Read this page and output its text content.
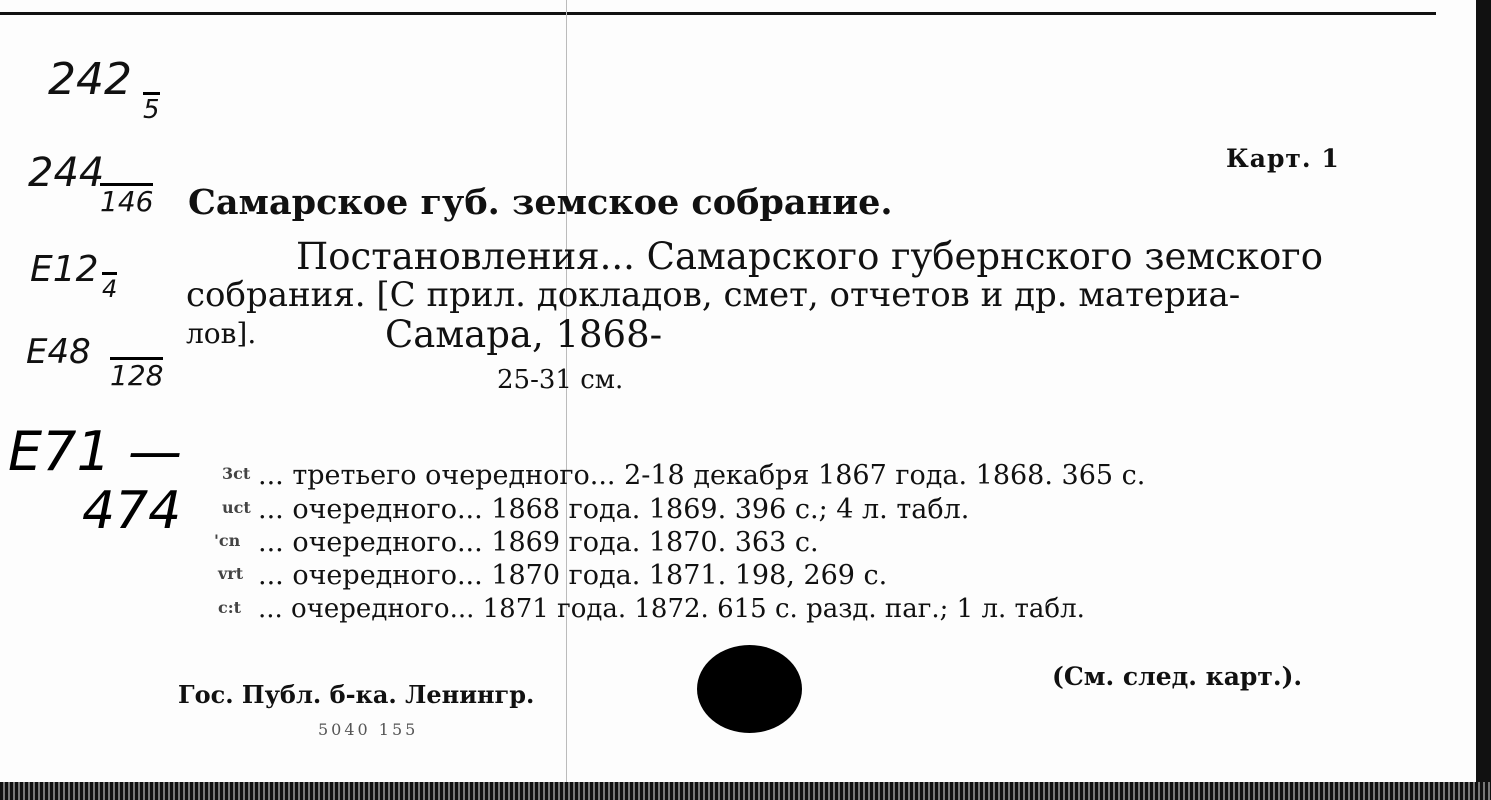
242
5
244
146
E12 4
E48
128
E71 —
474
Карт. 1
Самарское губ. земское собрание.
Постановления... Самарского губернского земского
собрания. [С прил. докладов, смет, отчетов и др. материа-
лов].	Самара, 1868-
25-31 см.
3ct ... третьего очередного... 2-18 декабря 1867 года. 1868. 365 с.
uct ... очередного... 1868 года. 1869. 396 с.; 4 л. табл.
'cn ... очередного... 1869 года. 1870. 363 с.
vrt ... очередного... 1870 года. 1871. 198, 269 с.
c:t ... очередного... 1871 года. 1872. 615 с. разд. паг.; 1 л. табл.
(См. след. карт.).
Гос. Публ. б-ка. Ленингр.
5040 155
